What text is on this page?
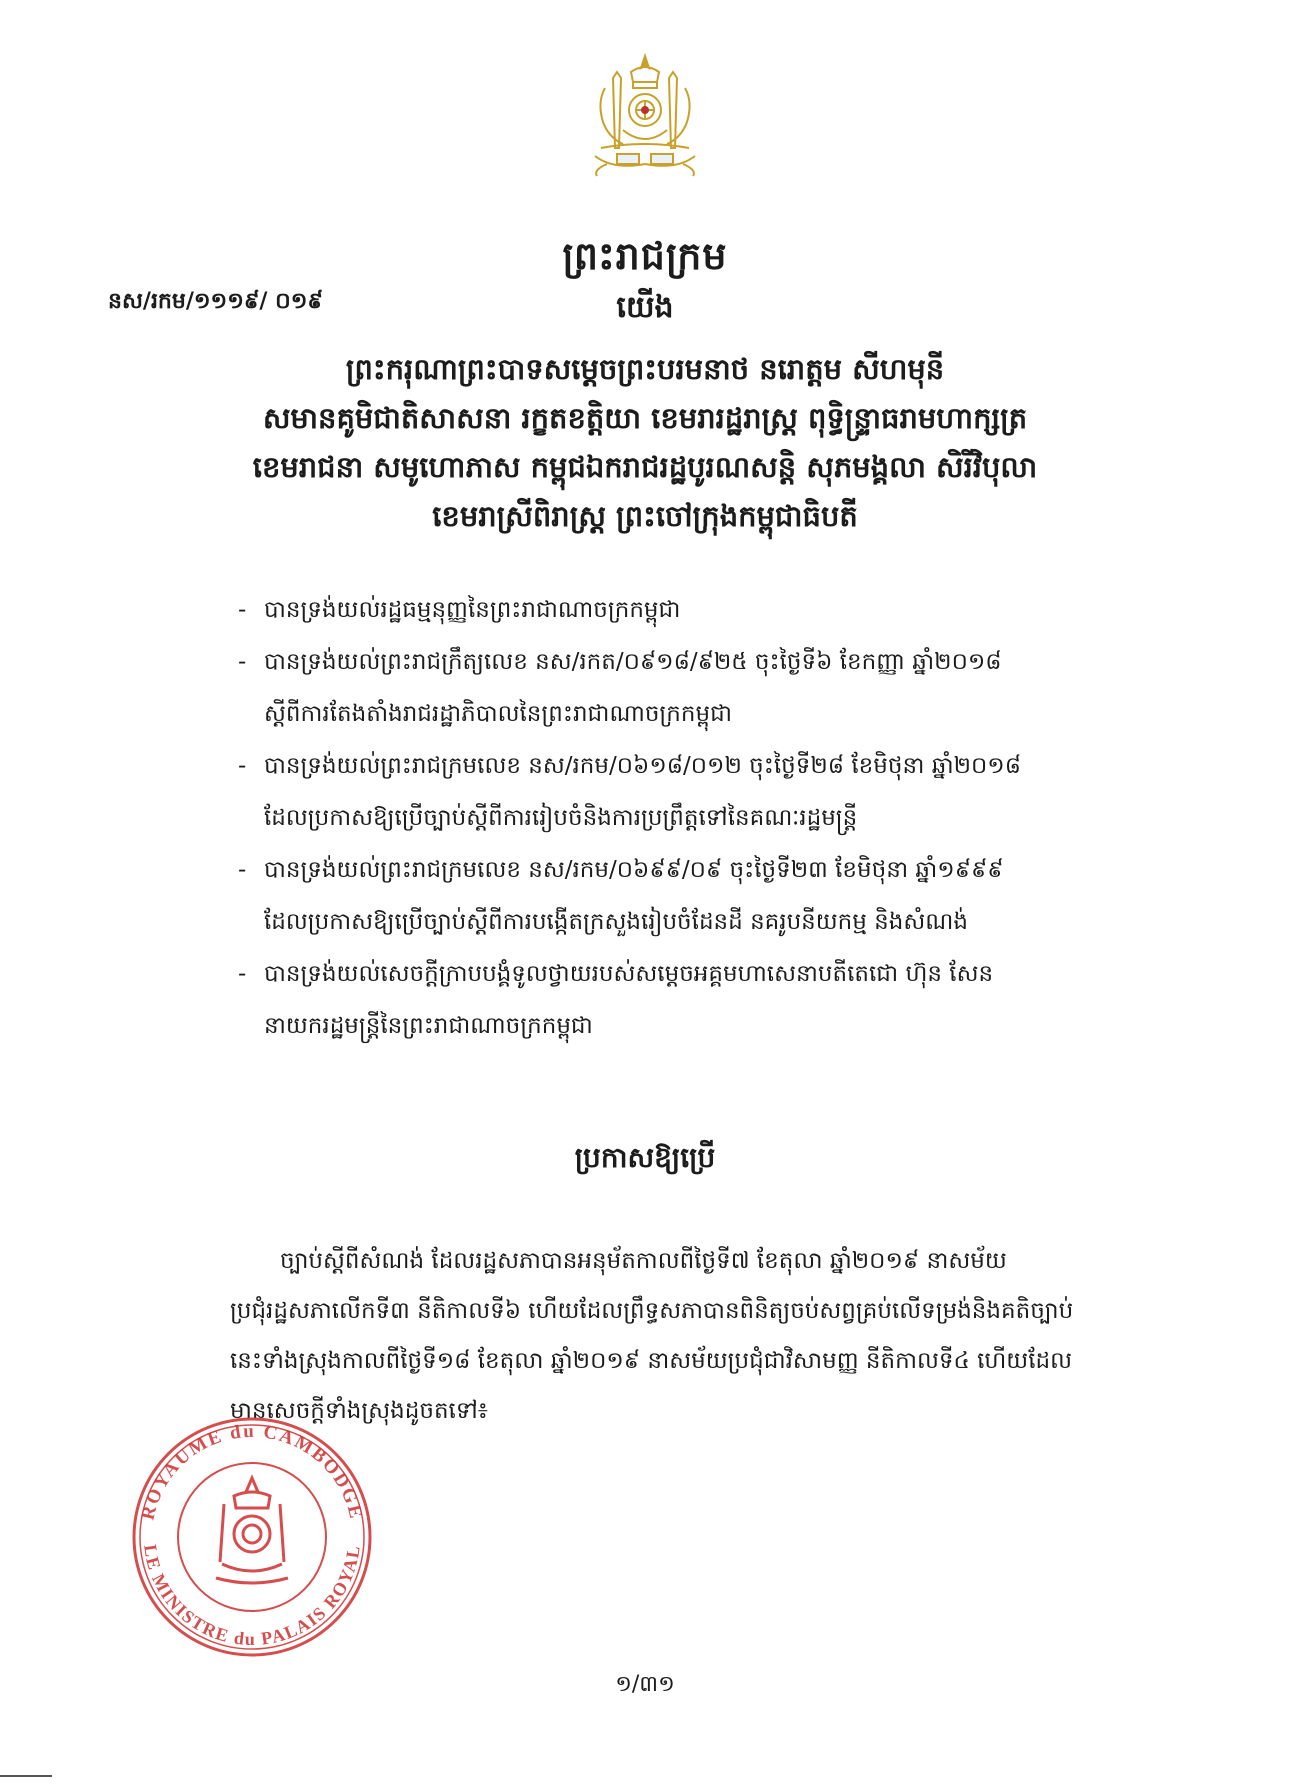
ព្រះរាជក្រម
នស/រកម/១១១៩/ ០១៩	យើង
ព្រះករុណាព្រះបាទសម្តេចព្រះបរមនាថ នរោត្តម សីហមុនី
សមានគូមិជាតិសាសនា រក្ខតខត្តិយា ខេមរារដ្ឋរាស្ត្រ ពុទ្ធិន្ទ្រាធរាមហាក្សត្រ
ខេមរាជនា សមូហោភាស កម្ពុជឯករាជរដ្ឋបូរណសន្តិ សុភមង្គលា សិរីវិបុលា
ខេមរាស្រីពិរាស្ត្រ ព្រះចៅក្រុងកម្ពុជាធិបតី
- បានទ្រង់យល់រដ្ឋធម្មនុញ្ញនៃព្រះរាជាណាចក្រកម្ពុជា
- បានទ្រង់យល់ព្រះរាជក្រឹត្យលេខ នស/រកត/០៩១៨/៩២៥ ចុះថ្ងៃទី៦ ខែកញ្ញា ឆ្នាំ២០១៨
ស្តីពីការតែងតាំងរាជរដ្ឋាភិបាលនៃព្រះរាជាណាចក្រកម្ពុជា
- បានទ្រង់យល់ព្រះរាជក្រមលេខ នស/រកម/០៦១៨/០១២ ចុះថ្ងៃទី២៨ ខែមិថុនា ឆ្នាំ២០១៨
ដែលប្រកាសឱ្យប្រើច្បាប់ស្តីពីការរៀបចំនិងការប្រព្រឹត្តទៅនៃគណៈរដ្ឋមន្ត្រី
- បានទ្រង់យល់ព្រះរាជក្រមលេខ នស/រកម/០៦៩៩/០៩ ចុះថ្ងៃទី២៣ ខែមិថុនា ឆ្នាំ១៩៩៩
ដែលប្រកាសឱ្យប្រើច្បាប់ស្តីពីការបង្កើតក្រសួងរៀបចំដែនដី នគរូបនីយកម្ម និងសំណង់
- បានទ្រង់យល់សេចក្តីក្រាបបង្គំទូលថ្វាយរបស់សម្តេចអគ្គមហាសេនាបតីតេជោ ហ៊ុន សែន
នាយករដ្ឋមន្ត្រីនៃព្រះរាជាណាចក្រកម្ពុជា
ប្រកាសឱ្យប្រើ
ច្បាប់ស្តីពីសំណង់ ដែលរដ្ឋសភាបានអនុម័តកាលពីថ្ងៃទី៧ ខែតុលា ឆ្នាំ២០១៩ នាសម័យ
ប្រជុំរដ្ឋសភាលើកទី៣ នីតិកាលទី៦ ហើយដែលព្រឹទ្ធសភាបានពិនិត្យចប់សព្វគ្រប់លើទម្រង់និងគតិច្បាប់
នេះទាំងស្រុងកាលពីថ្ងៃទី១៨ ខែតុលា ឆ្នាំ២០១៩ នាសម័យប្រជុំជាវិសាមញ្ញ នីតិកាលទី៤ ហើយដែល
មានសេចក្តីទាំងស្រុងដូចតទៅ៖
ROYAUME du CAMBODGE
LE MINISTRE du PALAIS ROYAL
១/៣១
